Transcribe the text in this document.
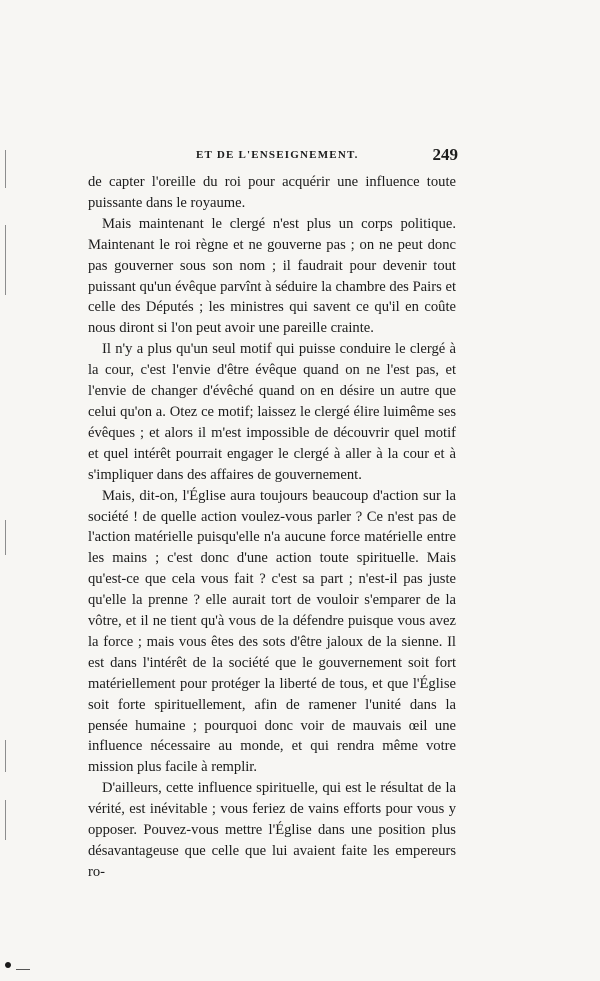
ET DE L'ENSEIGNEMENT.	249

de capter l'oreille du roi pour acquérir une influence toute puissante dans le royaume.

Mais maintenant le clergé n'est plus un corps politique. Maintenant le roi règne et ne gouverne pas ; on ne peut donc pas gouverner sous son nom ; il faudrait pour devenir tout puissant qu'un évêque parvînt à séduire la chambre des Pairs et celle des Députés ; les ministres qui savent ce qu'il en coûte nous diront si l'on peut avoir une pareille crainte.

Il n'y a plus qu'un seul motif qui puisse conduire le clergé à la cour, c'est l'envie d'être évêque quand on ne l'est pas, et l'envie de changer d'évêché quand on en désire un autre que celui qu'on a. Otez ce motif; laissez le clergé élire luimême ses évêques ; et alors il m'est impossible de découvrir quel motif et quel intérêt pourrait engager le clergé à aller à la cour et à s'impliquer dans des affaires de gouvernement.

Mais, dit-on, l'Église aura toujours beaucoup d'action sur la société ! de quelle action voulez-vous parler ? Ce n'est pas de l'action matérielle puisqu'elle n'a aucune force matérielle entre les mains ; c'est donc d'une action toute spirituelle. Mais qu'est-ce que cela vous fait ? c'est sa part ; n'est-il pas juste qu'elle la prenne ? elle aurait tort de vouloir s'emparer de la vôtre, et il ne tient qu'à vous de la défendre puisque vous avez la force ; mais vous êtes des sots d'être jaloux de la sienne. Il est dans l'intérêt de la société que le gouvernement soit fort matériellement pour protéger la liberté de tous, et que l'Église soit forte spirituellement, afin de ramener l'unité dans la pensée humaine ; pourquoi donc voir de mauvais œil une influence nécessaire au monde, et qui rendra même votre mission plus facile à remplir.

D'ailleurs, cette influence spirituelle, qui est le résultat de la vérité, est inévitable ; vous feriez de vains efforts pour vous y opposer. Pouvez-vous mettre l'Église dans une position plus désavantageuse que celle que lui avaient faite les empereurs ro-
